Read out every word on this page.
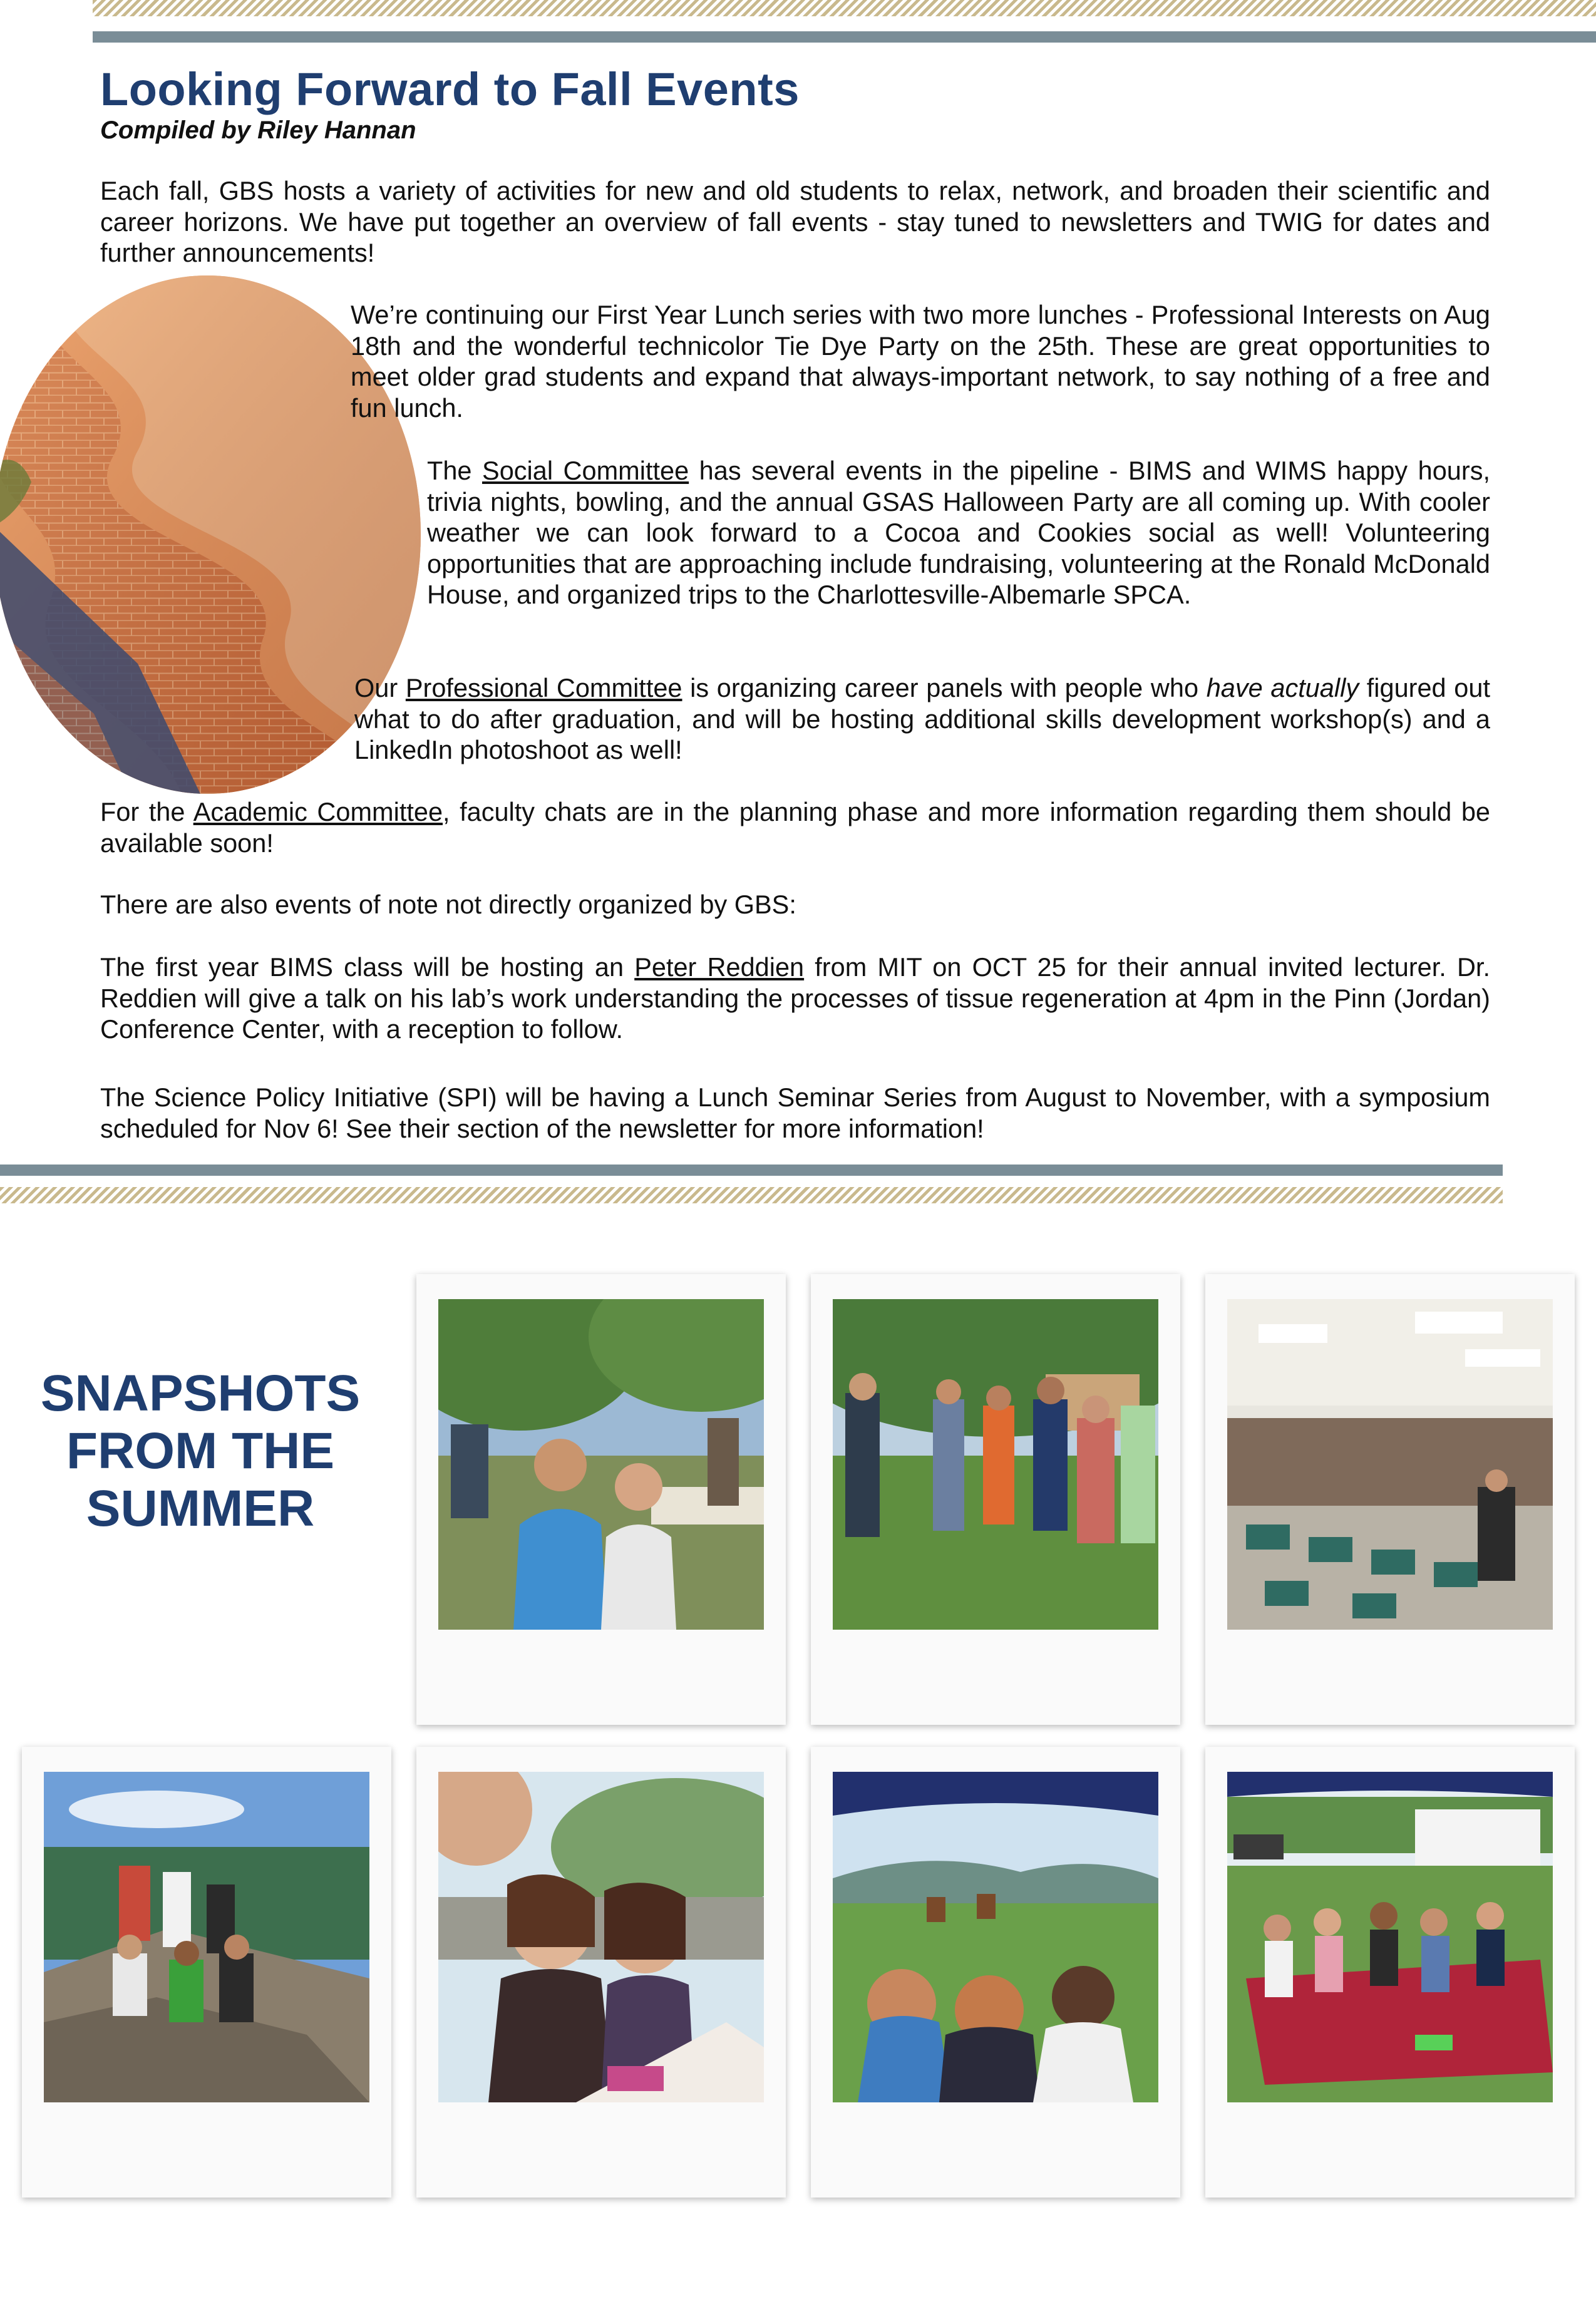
Looking Forward to Fall Events
Compiled by Riley Hannan

Each fall, GBS hosts a variety of activities for new and old students to relax, network, and broaden their scientific and career horizons. We have put together an overview of fall events - stay tuned to newsletters and TWIG for dates and further announcements!

We’re continuing our First Year Lunch series with two more lunches - Professional Interests on Aug 18th and the wonderful technicolor Tie Dye Party on the 25th. These are great opportunities to meet older grad students and expand that always-important network, to say nothing of a free and fun lunch.

The Social Committee has several events in the pipeline - BIMS and WIMS happy hours, trivia nights, bowling, and the annual GSAS Halloween Party are all coming up. With cooler weather we can look forward to a Cocoa and Cookies social as well! Volunteering opportunities that are approaching include fundraising, volunteering at the Ronald McDonald House, and organized trips to the Charlottesville-Albemarle SPCA.

Our Professional Committee is organizing career panels with people who have actually figured out what to do after graduation, and will be hosting additional skills development workshop(s) and a LinkedIn photoshoot as well!

For the Academic Committee, faculty chats are in the planning phase and more information regarding them should be available soon!

There are also events of note not directly organized by GBS:

The first year BIMS class will be hosting an Peter Reddien from MIT on OCT 25 for their annual invited lecturer. Dr. Reddien will give a talk on his lab’s work understanding the processes of tissue regeneration at 4pm in the Pinn (Jordan) Conference Center, with a reception to follow.

The Science Policy Initiative (SPI) will be having a Lunch Seminar Series from August to November, with a symposium scheduled for Nov 6! See their section of the newsletter for more information!

SNAPSHOTS
FROM THE
SUMMER
